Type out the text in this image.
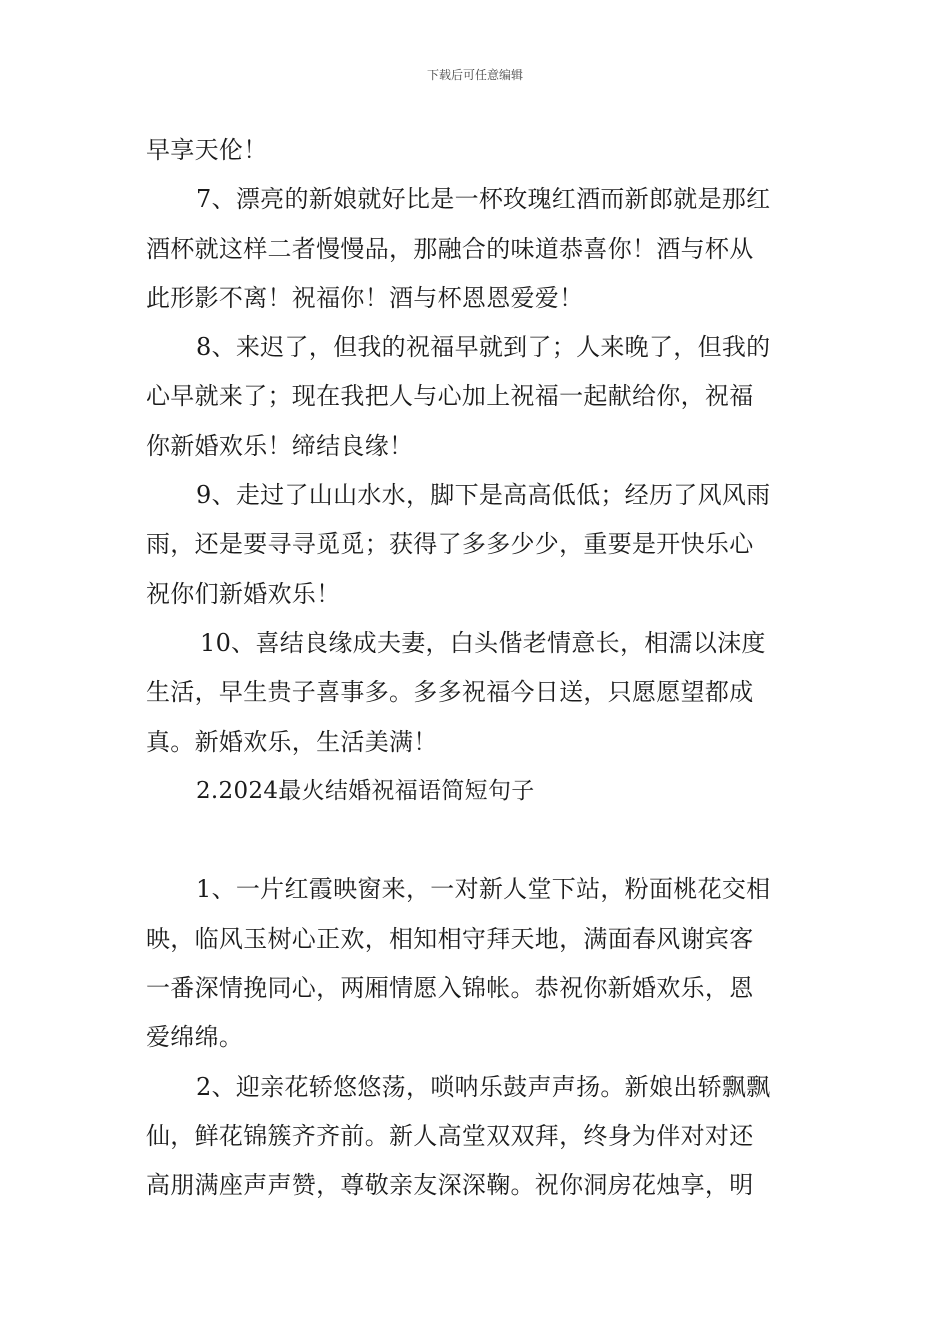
下载后可任意编辑
早享天伦！
7、漂亮的新娘就好比是一杯玫瑰红酒而新郎就是那红
酒杯就这样二者慢慢品，那融合的味道恭喜你！酒与杯从
此形影不离！祝福你！酒与杯恩恩爱爱！
8、来迟了，但我的祝福早就到了；人来晚了，但我的
心早就来了；现在我把人与心加上祝福一起献给你，祝福
你新婚欢乐！缔结良缘！
9、走过了山山水水，脚下是高高低低；经历了风风雨
雨，还是要寻寻觅觅；获得了多多少少，重要是开快乐心
祝你们新婚欢乐！
10、喜结良缘成夫妻，白头偕老情意长，相濡以沫度
生活，早生贵子喜事多。多多祝福今日送，只愿愿望都成
真。新婚欢乐，生活美满！
2.2024最火结婚祝福语简短句子
1、一片红霞映窗来，一对新人堂下站，粉面桃花交相
映，临风玉树心正欢，相知相守拜天地，满面春风谢宾客
一番深情挽同心，两厢情愿入锦帐。恭祝你新婚欢乐，恩
爱绵绵。
2、迎亲花轿悠悠荡，唢呐乐鼓声声扬。新娘出轿飘飘
仙，鲜花锦簇齐齐前。新人高堂双双拜，终身为伴对对还
高朋满座声声赞，尊敬亲友深深鞠。祝你洞房花烛享，明
